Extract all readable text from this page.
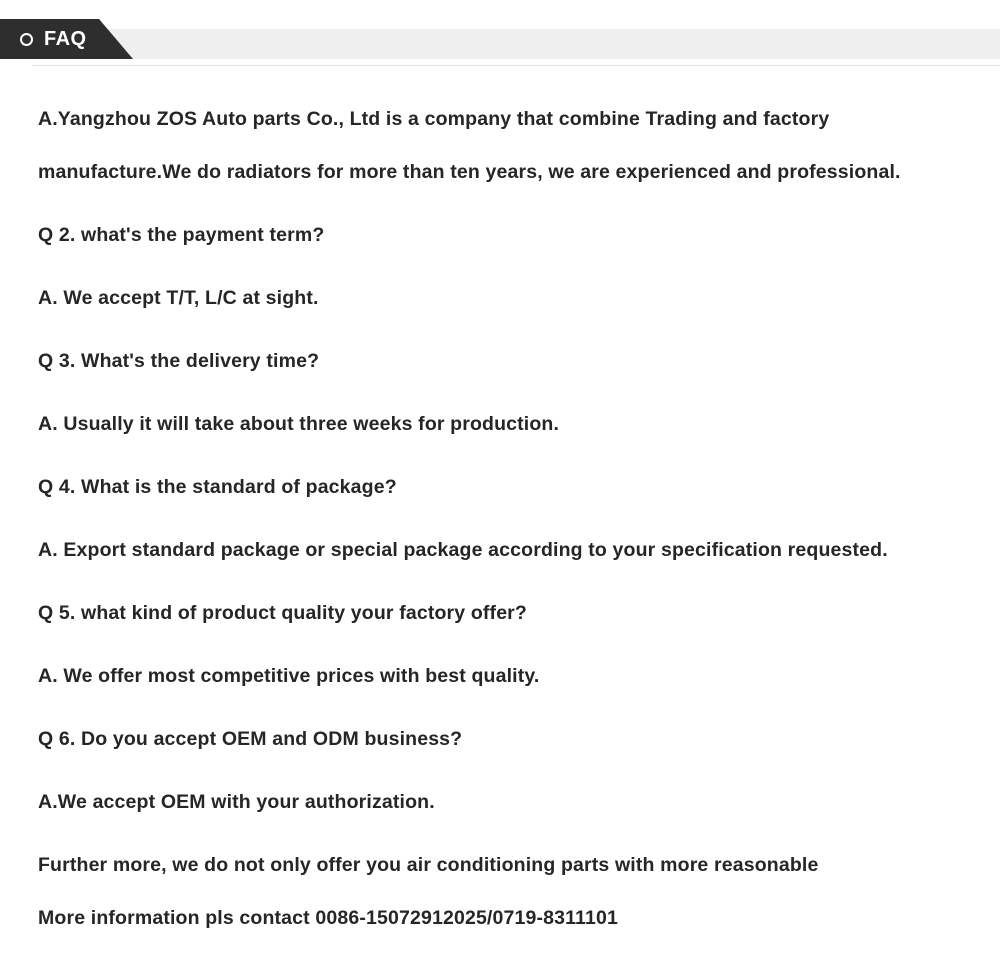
FAQ
A.Yangzhou ZOS Auto parts Co., Ltd is a company that combine Trading and factory
manufacture.We do radiators for more than ten years, we are experienced and professional.
Q 2. what's the payment term?
A. We accept T/T, L/C at sight.
Q 3. What's the delivery time?
A. Usually it will take about three weeks for production.
Q 4. What is the standard of package?
A. Export standard package or special package according to your specification requested.
Q 5. what kind of product quality your factory offer?
A. We offer most competitive prices with best quality.
Q 6. Do you accept OEM and ODM business?
A.We accept OEM with your authorization.
Further more, we do not only offer you air conditioning parts with more reasonable
More information pls contact 0086-15072912025/0719-8311101
